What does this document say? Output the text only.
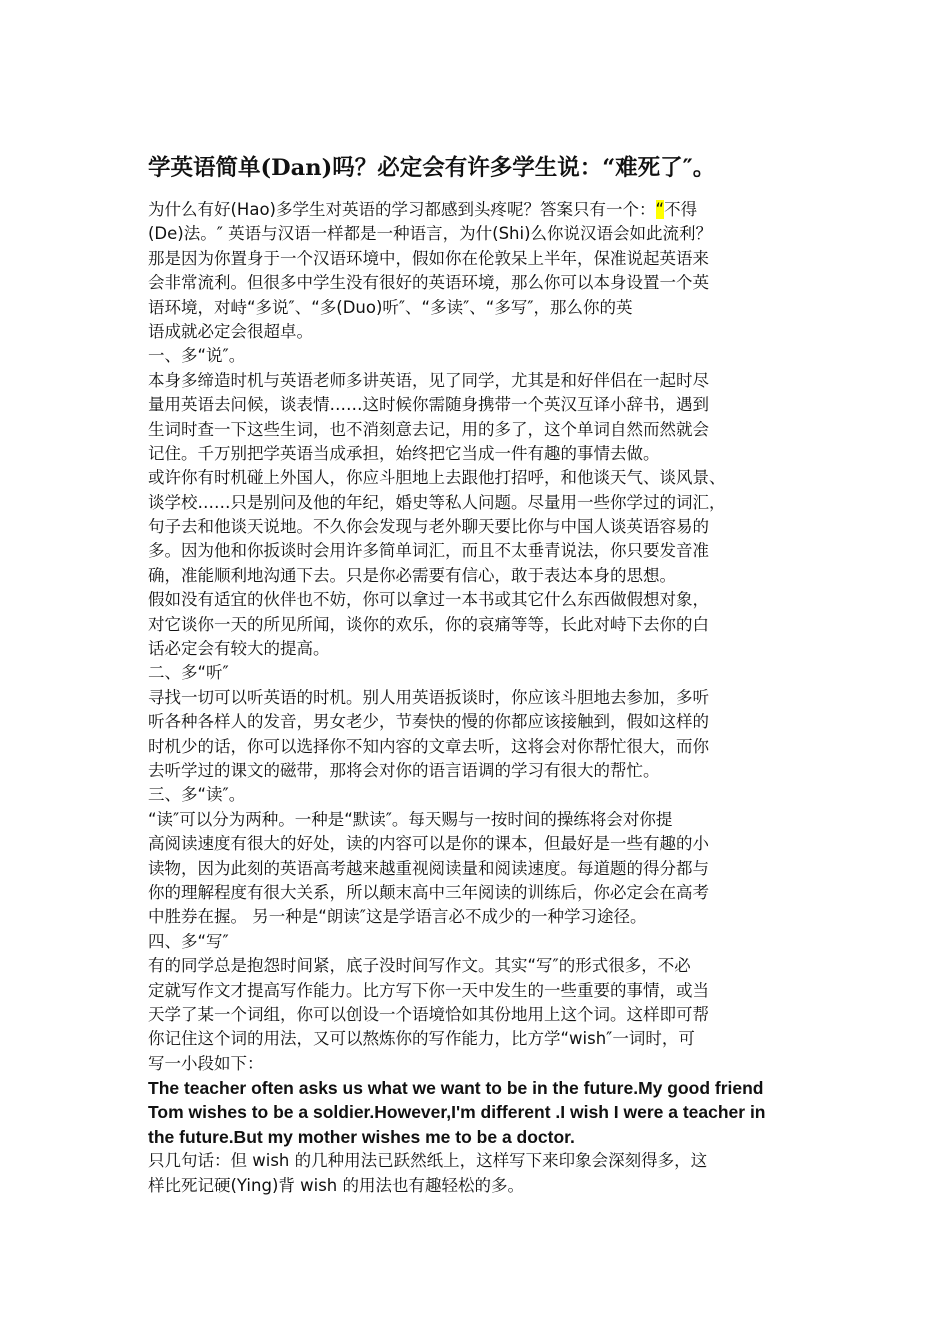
学英语简单(Dan)吗？必定会有许多学生说：“难死了″。
为什么有好(Hao)多学生对英语的学习都感到头疼呢？答案只有一个：“不得
(De)法。″ 英语与汉语一样都是一种语言，为什(Shi)么你说汉语会如此流利？
那是因为你置身于一个汉语环境中，假如你在伦敦呆上半年，保准说起英语来
会非常流利。但很多中学生没有很好的英语环境，那么你可以本身设置一个英
语环境，对峙“多说″、“多(Duo)听″、“多读″、“多写″，那么你的英
语成就必定会很超卓。
一、多“说″。
本身多缔造时机与英语老师多讲英语，见了同学，尤其是和好伴侣在一起时尽
量用英语去问候，谈表情……这时候你需随身携带一个英汉互译小辞书，遇到
生词时查一下这些生词，也不消刻意去记，用的多了，这个单词自然而然就会
记住。千万别把学英语当成承担，始终把它当成一件有趣的事情去做。
或许你有时机碰上外国人，你应斗胆地上去跟他打招呼，和他谈天气、谈风景、
谈学校……只是别问及他的年纪，婚史等私人问题。尽量用一些你学过的词汇，
句子去和他谈天说地。不久你会发现与老外聊天要比你与中国人谈英语容易的
多。因为他和你扳谈时会用许多简单词汇，而且不太垂青说法，你只要发音准
确，准能顺利地沟通下去。只是你必需要有信心，敢于表达本身的思想。
假如没有适宜的伙伴也不妨，你可以拿过一本书或其它什么东西做假想对象，
对它谈你一天的所见所闻，谈你的欢乐，你的哀痛等等，长此对峙下去你的白
话必定会有较大的提高。
二、多“听″
寻找一切可以听英语的时机。别人用英语扳谈时，你应该斗胆地去参加，多听
听各种各样人的发音，男女老少，节奏快的慢的你都应该接触到，假如这样的
时机少的话，你可以选择你不知内容的文章去听，这将会对你帮忙很大，而你
去听学过的课文的磁带，那将会对你的语言语调的学习有很大的帮忙。
三、多“读″。
“读″可以分为两种。一种是“默读″。每天赐与一按时间的操练将会对你提
高阅读速度有很大的好处，读的内容可以是你的课本，但最好是一些有趣的小
读物，因为此刻的英语高考越来越重视阅读量和阅读速度。每道题的得分都与
你的理解程度有很大关系，所以颠末高中三年阅读的训练后，你必定会在高考
中胜券在握。 另一种是“朗读″这是学语言必不成少的一种学习途径。
四、多“写″
有的同学总是抱怨时间紧，底子没时间写作文。其实“写″的形式很多，不必
定就写作文才提高写作能力。比方写下你一天中发生的一些重要的事情，或当
天学了某一个词组，你可以创设一个语境恰如其份地用上这个词。这样即可帮
你记住这个词的用法，又可以熬炼你的写作能力，比方学“wish″一词时，可
写一小段如下：
The teacher often asks us what we want to be in the future.My good friend
Tom wishes to be a soldier.However,I'm different .I wish I were a teacher in
the future.But my mother wishes me to be a doctor.
只几句话：但 wish 的几种用法已跃然纸上，这样写下来印象会深刻得多，这
样比死记硬(Ying)背 wish 的用法也有趣轻松的多。
